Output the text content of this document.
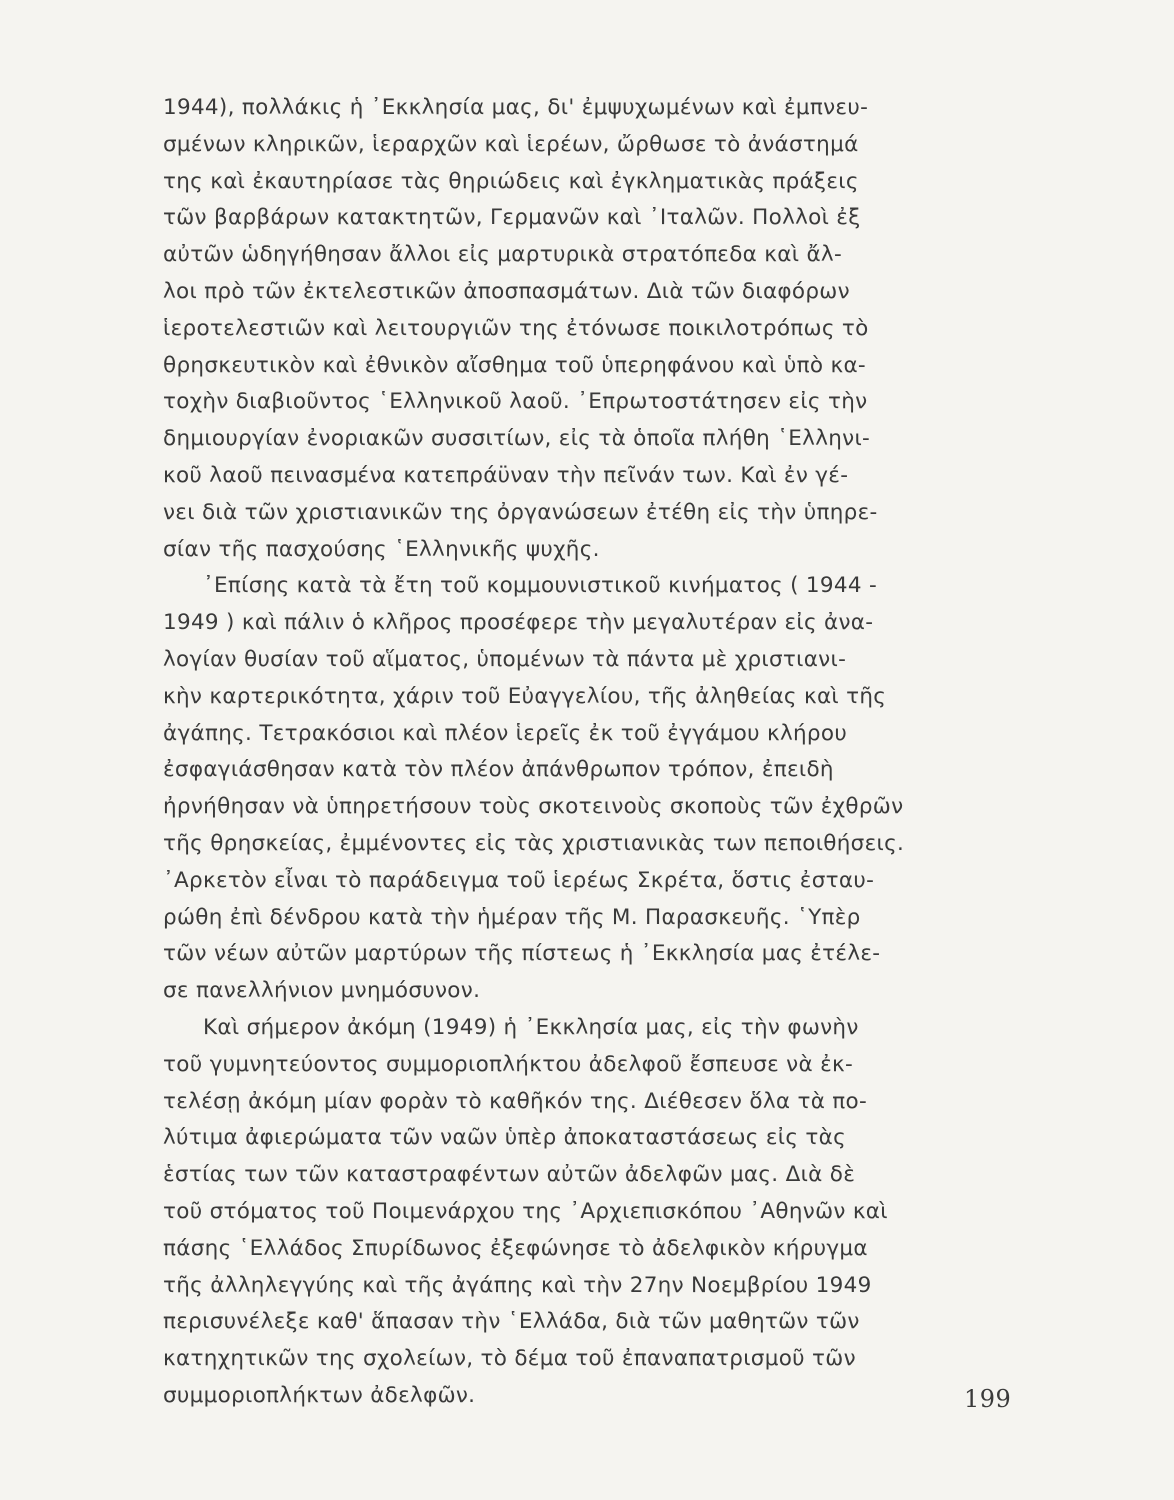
1944), πολλάκις ἡ ᾿Εκκλησία μας, δι' ἐμψυχωμένων καὶ ἐμπνευ-
σμένων κληρικῶν, ἱεραρχῶν καὶ ἱερέων, ὤρθωσε τὸ ἀνάστημά
της καὶ ἐκαυτηρίασε τὰς θηριώδεις καὶ ἐγκληματικὰς πράξεις
τῶν βαρβάρων κατακτητῶν, Γερμανῶν καὶ ᾿Ιταλῶν. Πολλοὶ ἐξ
αὐτῶν ὡδηγήθησαν ἄλλοι εἰς μαρτυρικὰ στρατόπεδα καὶ ἄλ-
λοι πρὸ τῶν ἐκτελεστικῶν ἀποσπασμάτων. Διὰ τῶν διαφόρων
ἱεροτελεστιῶν καὶ λειτουργιῶν της ἐτόνωσε ποικιλοτρόπως τὸ
θρησκευτικὸν καὶ ἐθνικὸν αἴσθημα τοῦ ὑπερηφάνου καὶ ὑπὸ κα-
τοχὴν διαβιοῦντος ῾Ελληνικοῦ λαοῦ. ᾿Επρωτοστάτησεν εἰς τὴν
δημιουργίαν ἐνοριακῶν συσσιτίων, εἰς τὰ ὁποῖα πλήθη ῾Ελληνι-
κοῦ λαοῦ πεινασμένα κατεπράϋναν τὴν πεῖνάν των. Καὶ ἐν γέ-
νει διὰ τῶν χριστιανικῶν της ὀργανώσεων ἐτέθη εἰς τὴν ὑπηρε-
σίαν τῆς πασχούσης ῾Ελληνικῆς ψυχῆς.
᾿Επίσης κατὰ τὰ ἔτη τοῦ κομμουνιστικοῦ κινήματος ( 1944 -
1949 ) καὶ πάλιν ὁ κλῆρος προσέφερε τὴν μεγαλυτέραν εἰς ἀνα-
λογίαν θυσίαν τοῦ αἵματος, ὑπομένων τὰ πάντα μὲ χριστιανι-
κὴν καρτερικότητα, χάριν τοῦ Εὐαγγελίου, τῆς ἀληθείας καὶ τῆς
ἀγάπης. Τετρακόσιοι καὶ πλέον ἱερεῖς ἐκ τοῦ ἐγγάμου κλήρου
ἐσφαγιάσθησαν κατὰ τὸν πλέον ἀπάνθρωπον τρόπον, ἐπειδὴ
ἠρνήθησαν νὰ ὑπηρετήσουν τοὺς σκοτεινοὺς σκοποὺς τῶν ἐχθρῶν
τῆς θρησκείας, ἐμμένοντες εἰς τὰς χριστιανικὰς των πεποιθήσεις.
᾿Αρκετὸν εἶναι τὸ παράδειγμα τοῦ ἱερέως Σκρέτα, ὅστις ἐσταυ-
ρώθη ἐπὶ δένδρου κατὰ τὴν ἡμέραν τῆς Μ. Παρασκευῆς. ῾Υπὲρ
τῶν νέων αὐτῶν μαρτύρων τῆς πίστεως ἡ ᾿Εκκλησία μας ἐτέλε-
σε πανελλήνιον μνημόσυνον.
Καὶ σήμερον ἀκόμη (1949) ἡ ᾿Εκκλησία μας, εἰς τὴν φωνὴν
τοῦ γυμνητεύοντος συμμοριοπλήκτου ἀδελφοῦ ἔσπευσε νὰ ἐκ-
τελέσῃ ἀκόμη μίαν φορὰν τὸ καθῆκόν της. Διέθεσεν ὅλα τὰ πο-
λύτιμα ἀφιερώματα τῶν ναῶν ὑπὲρ ἀποκαταστάσεως εἰς τὰς
ἑστίας των τῶν καταστραφέντων αὐτῶν ἀδελφῶν μας. Διὰ δὲ
τοῦ στόματος τοῦ Ποιμενάρχου της ᾿Αρχιεπισκόπου ᾿Αθηνῶν καὶ
πάσης ῾Ελλάδος Σπυρίδωνος ἐξεφώνησε τὸ ἀδελφικὸν κήρυγμα
τῆς ἀλληλεγγύης καὶ τῆς ἀγάπης καὶ τὴν 27ην Νοεμβρίου 1949
περισυνέλεξε καθ' ἅπασαν τὴν ῾Ελλάδα, διὰ τῶν μαθητῶν τῶν
κατηχητικῶν της σχολείων, τὸ δέμα τοῦ ἐπαναπατρισμοῦ τῶν
συμμοριοπλήκτων ἀδελφῶν.	199
